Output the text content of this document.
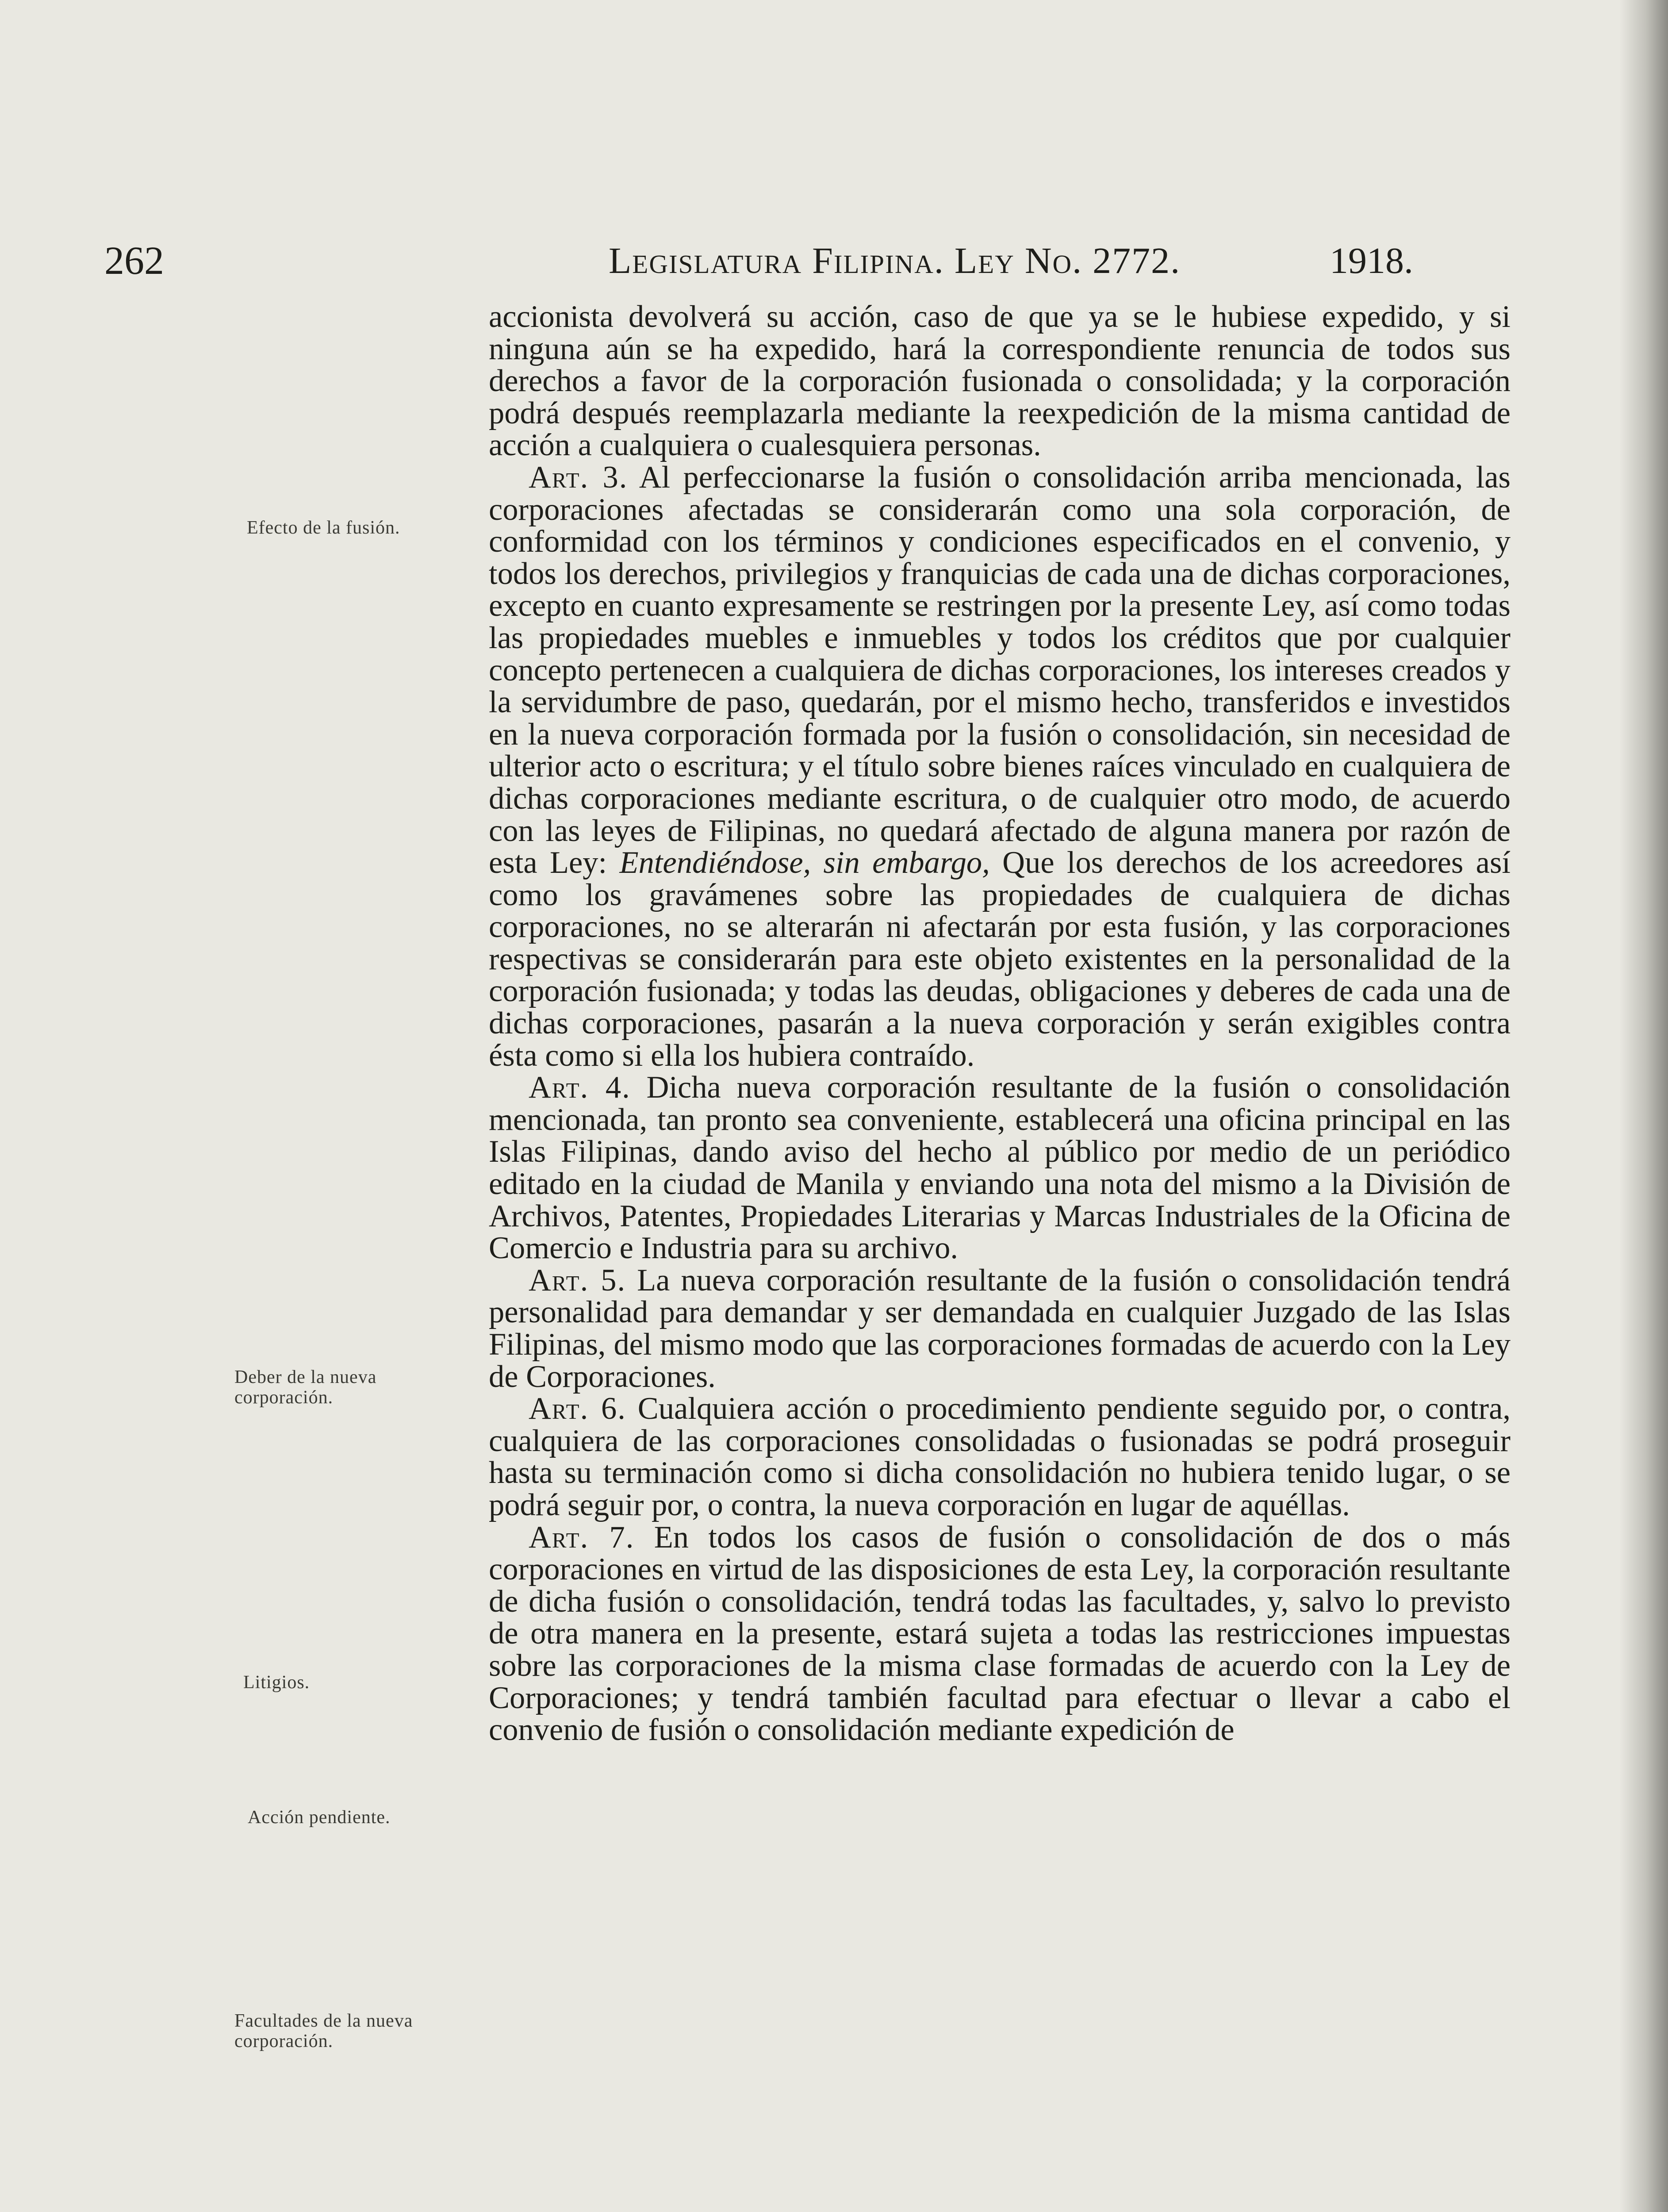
262	Legislatura Filipina. Ley No. 2772.	1918.
Efecto de la fusión.
Deber de la nueva corporación.
Litigios.
Acción pendiente.
Facultades de la nueva corporación.

accionista devolverá su acción, caso de que ya se le hubiese expedido, y si ninguna aún se ha expedido, hará la correspondiente renuncia de todos sus derechos a favor de la corporación fusionada o consolidada; y la corporación podrá después reemplazarla mediante la reexpedición de la misma cantidad de acción a cualquiera o cualesquiera personas.

Art. 3. Al perfeccionarse la fusión o consolidación arriba mencionada, las corporaciones afectadas se considerarán como una sola corporación, de conformidad con los términos y condiciones especificados en el convenio, y todos los derechos, privilegios y franquicias de cada una de dichas corporaciones, excepto en cuanto expresamente se restringen por la presente Ley, así como todas las propiedades muebles e inmuebles y todos los créditos que por cualquier concepto pertenecen a cualquiera de dichas corporaciones, los intereses creados y la servidumbre de paso, quedarán, por el mismo hecho, transferidos e investidos en la nueva corporación formada por la fusión o consolidación, sin necesidad de ulterior acto o escritura; y el título sobre bienes raíces vinculado en cualquiera de dichas corporaciones mediante escritura, o de cualquier otro modo, de acuerdo con las leyes de Filipinas, no quedará afectado de alguna manera por razón de esta Ley: Entendiéndose, sin embargo, Que los derechos de los acreedores así como los gravámenes sobre las propiedades de cualquiera de dichas corporaciones, no se alterarán ni afectarán por esta fusión, y las corporaciones respectivas se considerarán para este objeto existentes en la personalidad de la corporación fusionada; y todas las deudas, obligaciones y deberes de cada una de dichas corporaciones, pasarán a la nueva corporación y serán exigibles contra ésta como si ella los hubiera contraído.

Art. 4. Dicha nueva corporación resultante de la fusión o consolidación mencionada, tan pronto sea conveniente, establecerá una oficina principal en las Islas Filipinas, dando aviso del hecho al público por medio de un periódico editado en la ciudad de Manila y enviando una nota del mismo a la División de Archivos, Patentes, Propiedades Literarias y Marcas Industriales de la Oficina de Comercio e Industria para su archivo.

Art. 5. La nueva corporación resultante de la fusión o consolidación tendrá personalidad para demandar y ser demandada en cualquier Juzgado de las Islas Filipinas, del mismo modo que las corporaciones formadas de acuerdo con la Ley de Corporaciones.

Art. 6. Cualquiera acción o procedimiento pendiente seguido por, o contra, cualquiera de las corporaciones consolidadas o fusionadas se podrá proseguir hasta su terminación como si dicha consolidación no hubiera tenido lugar, o se podrá seguir por, o contra, la nueva corporación en lugar de aquéllas.

Art. 7. En todos los casos de fusión o consolidación de dos o más corporaciones en virtud de las disposiciones de esta Ley, la corporación resultante de dicha fusión o consolidación, tendrá todas las facultades, y, salvo lo previsto de otra manera en la presente, estará sujeta a todas las restricciones impuestas sobre las corporaciones de la misma clase formadas de acuerdo con la Ley de Corporaciones; y tendrá también facultad para efectuar o llevar a cabo el convenio de fusión o consolidación mediante expedición de
